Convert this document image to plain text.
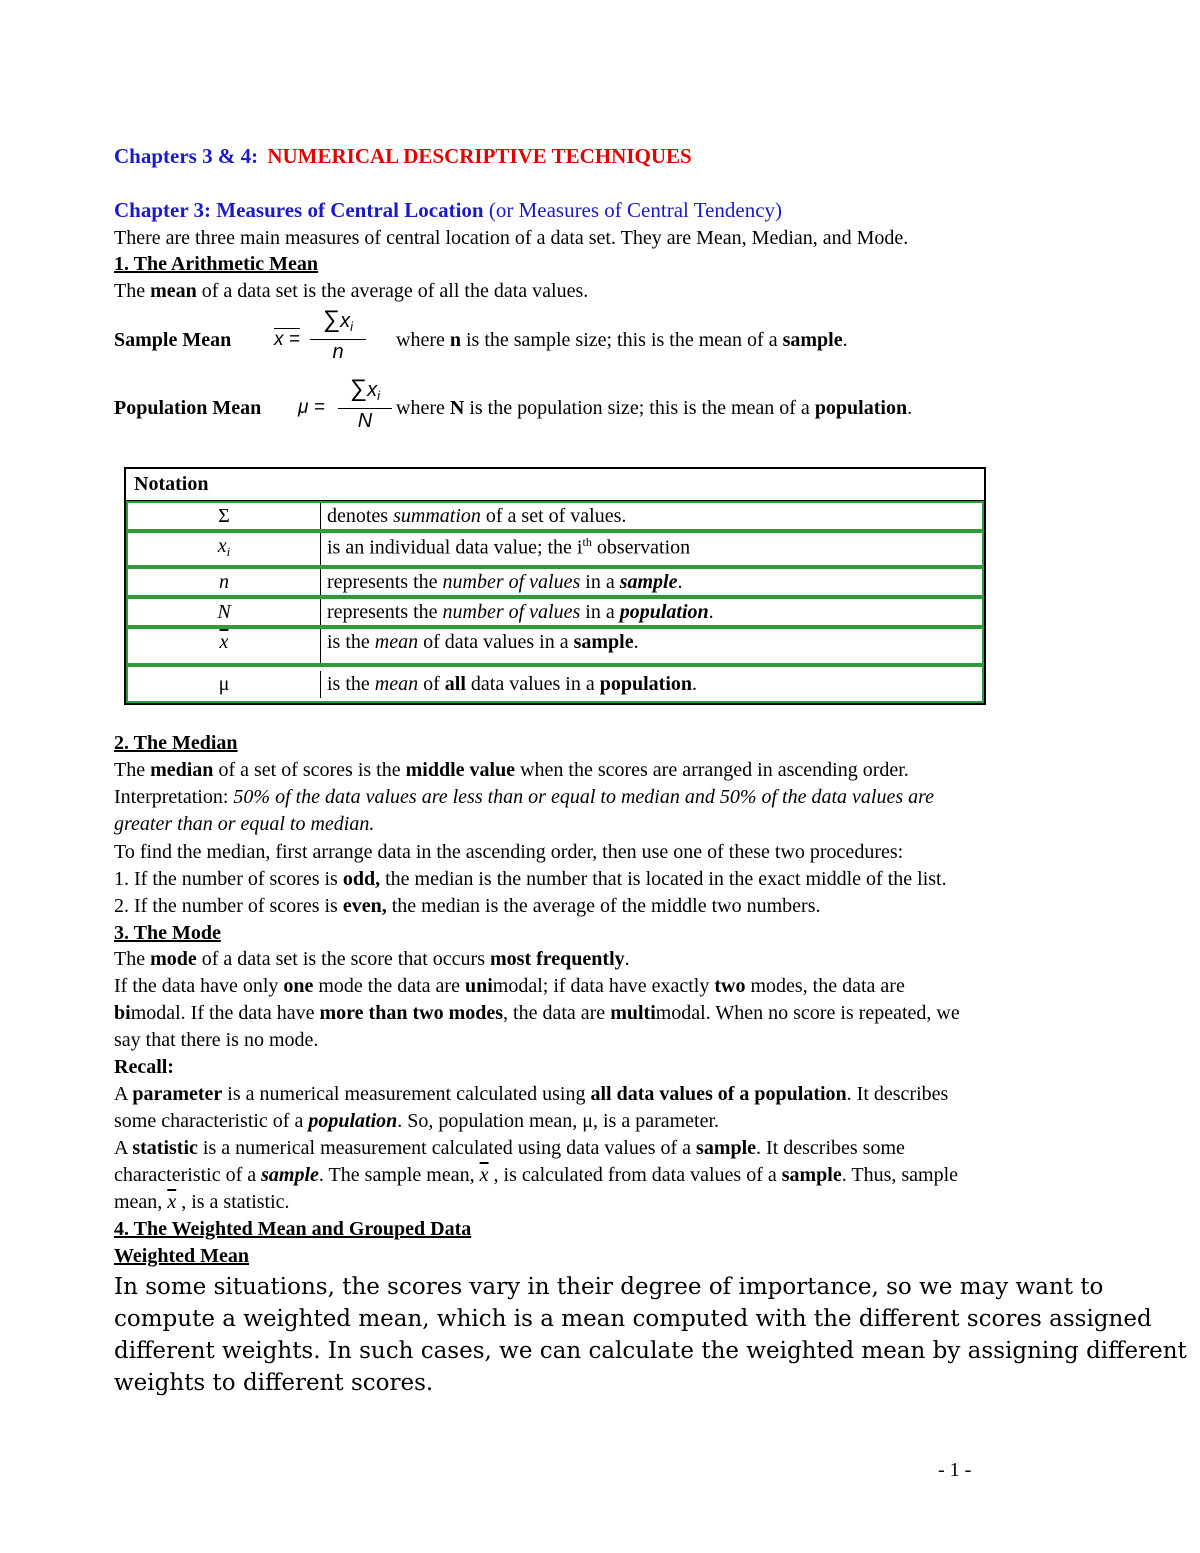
Chapters 3 & 4: NUMERICAL DESCRIPTIVE TECHNIQUES
Chapter 3: Measures of Central Location (or Measures of Central Tendency)
There are three main measures of central location of a data set. They are Mean, Median, and Mode.
1. The Arithmetic Mean
The mean of a data set is the average of all the data values.
Sample Mean x =
$\sum x_i$
n
where n is the sample size; this is the mean of a sample.
Population Mean μ =
$\sum x_i$
N
where N is the population size; this is the mean of a population.
Notation
Σ	denotes summation of a set of values.
$x_i$	is an individual data value; the $i^{th}$ observation
n	represents the number of values in a sample.
N	represents the number of values in a population.
$\overline{x}$	is the mean of data values in a sample.
μ	is the mean of all data values in a population.
2. The Median
The median of a set of scores is the middle value when the scores are arranged in ascending order.
Interpretation: 50% of the data values are less than or equal to median and 50% of the data values are
greater than or equal to median.
To find the median, first arrange data in the ascending order, then use one of these two procedures:
1. If the number of scores is odd, the median is the number that is located in the exact middle of the list.
2. If the number of scores is even, the median is the average of the middle two numbers.
3. The Mode
The mode of a data set is the score that occurs most frequently.
If the data have only one mode the data are unimodal; if data have exactly two modes, the data are
bimodal. If the data have more than two modes, the data are multimodal. When no score is repeated, we
say that there is no mode.
Recall:
A parameter is a numerical measurement calculated using all data values of a population. It describes
some characteristic of a population. So, population mean, μ, is a parameter.
A statistic is a numerical measurement calculated using data values of a sample. It describes some
characteristic of a sample. The sample mean, $\overline{x}$ , is calculated from data values of a sample. Thus, sample
mean, $\overline{x}$ , is a statistic.
4. The Weighted Mean and Grouped Data
Weighted Mean
In some situations, the scores vary in their degree of importance, so we may want to
compute a weighted mean, which is a mean computed with the different scores assigned
different weights. In such cases, we can calculate the weighted mean by assigning different
weights to different scores.
- 1 -
